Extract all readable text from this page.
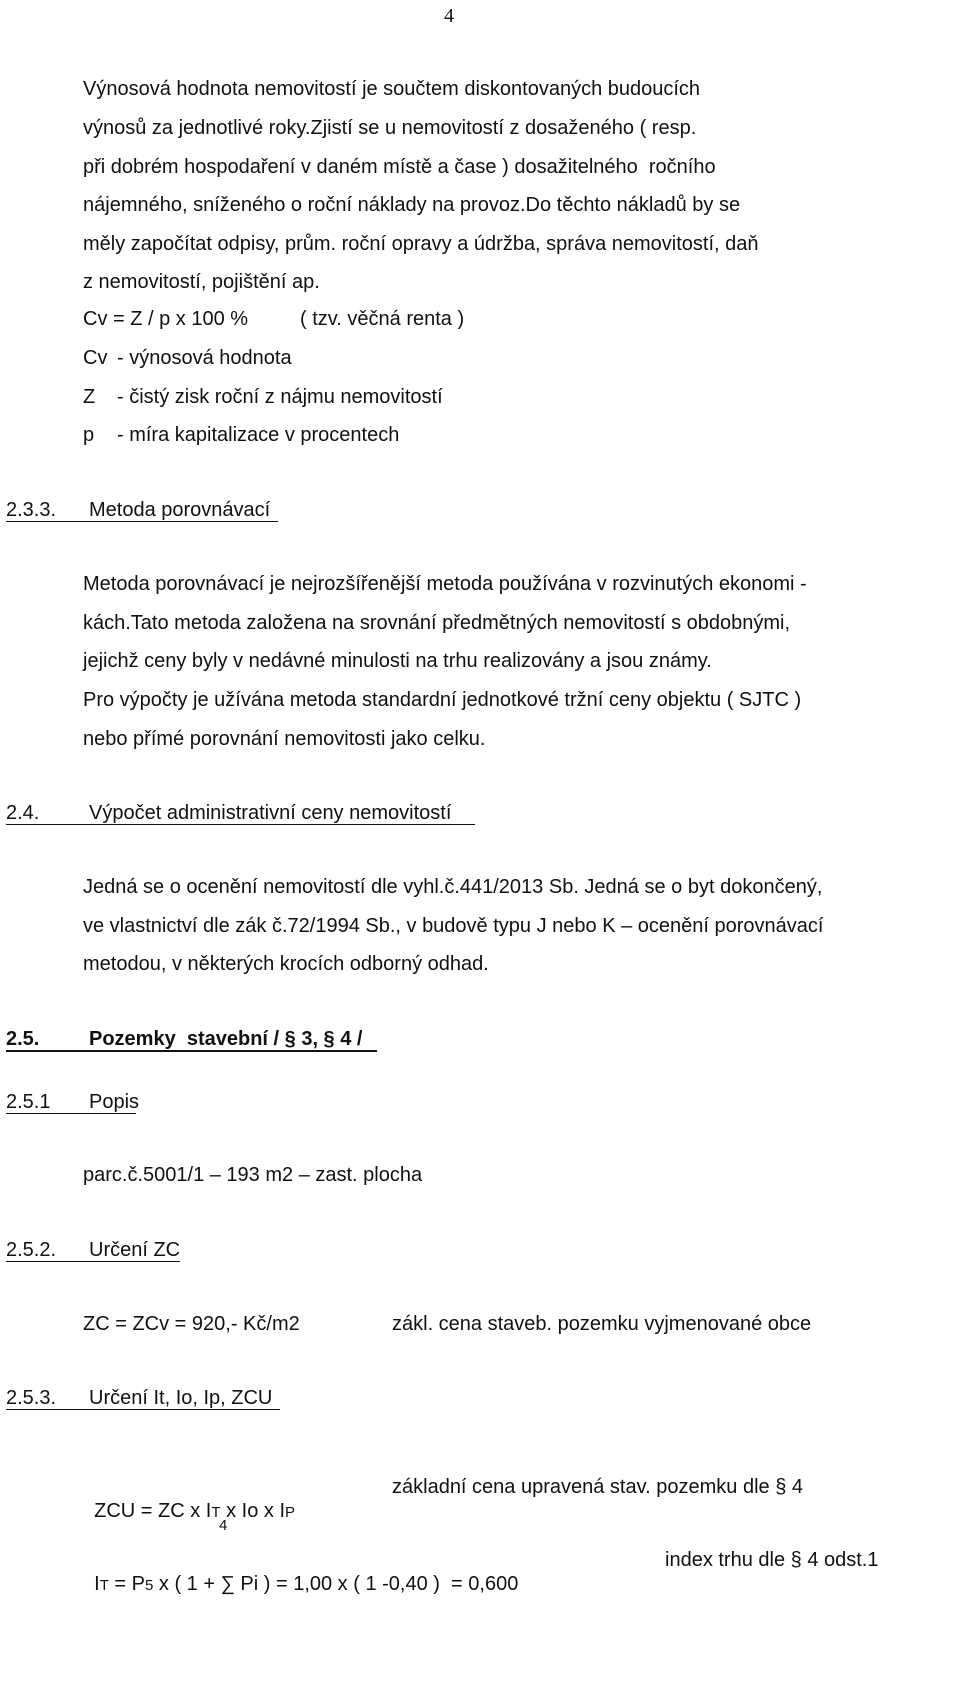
4
Výnosová hodnota nemovitostí je součtem diskontovaných budoucích
výnosů za jednotlivé roky.Zjistí se u nemovitostí z dosaženého ( resp.
při dobrém hospodaření v daném místě a čase ) dosažitelného  ročního
nájemného, sníženého o roční náklady na provoz.Do těchto nákladů by se
měly započítat odpisy, prům. roční opravy a údržba, správa nemovitostí, daň
z nemovitostí, pojištění ap.
Cv = Z / p x 100 %	( tzv. věčná renta )
Cv - výnosová hodnota
Z - čistý zisk roční z nájmu nemovitostí
p - míra kapitalizace v procentech
2.3.3. Metoda porovnávací
Metoda porovnávací je nejrozšířenější metoda používána v rozvinutých ekonomi -
kách.Tato metoda založena na srovnání předmětných nemovitostí s obdobnými,
jejichž ceny byly v nedávné minulosti na trhu realizovány a jsou známy.
Pro výpočty je užívána metoda standardní jednotkové tržní ceny objektu ( SJTC )
nebo přímé porovnání nemovitosti jako celku.
2.4. Výpočet administrativní ceny nemovitostí
Jedná se o ocenění nemovitostí dle vyhl.č.441/2013 Sb. Jedná se o byt dokončený,
ve vlastnictví dle zák č.72/1994 Sb., v budově typu J nebo K – ocenění porovnávací
metodou, v některých krocích odborný odhad.
2.5. Pozemky  stavební / § 3, § 4 /
2.5.1 Popis
parc.č.5001/1 – 193 m2 – zast. plocha
2.5.2. Určení ZC
ZC = ZCv = 920,- Kč/m2	zákl. cena staveb. pozemku vyjmenované obce
2.5.3. Určení It, Io, Ip, ZCU

ZCU = ZC x IT x Io x IP

základní cena upravená stav. pozemku dle § 4
4

IT = P5 x ( 1 + ∑ Pi ) = 1,00 x ( 1 -0,40 )  = 0,600

index trhu dle § 4 odst.1
